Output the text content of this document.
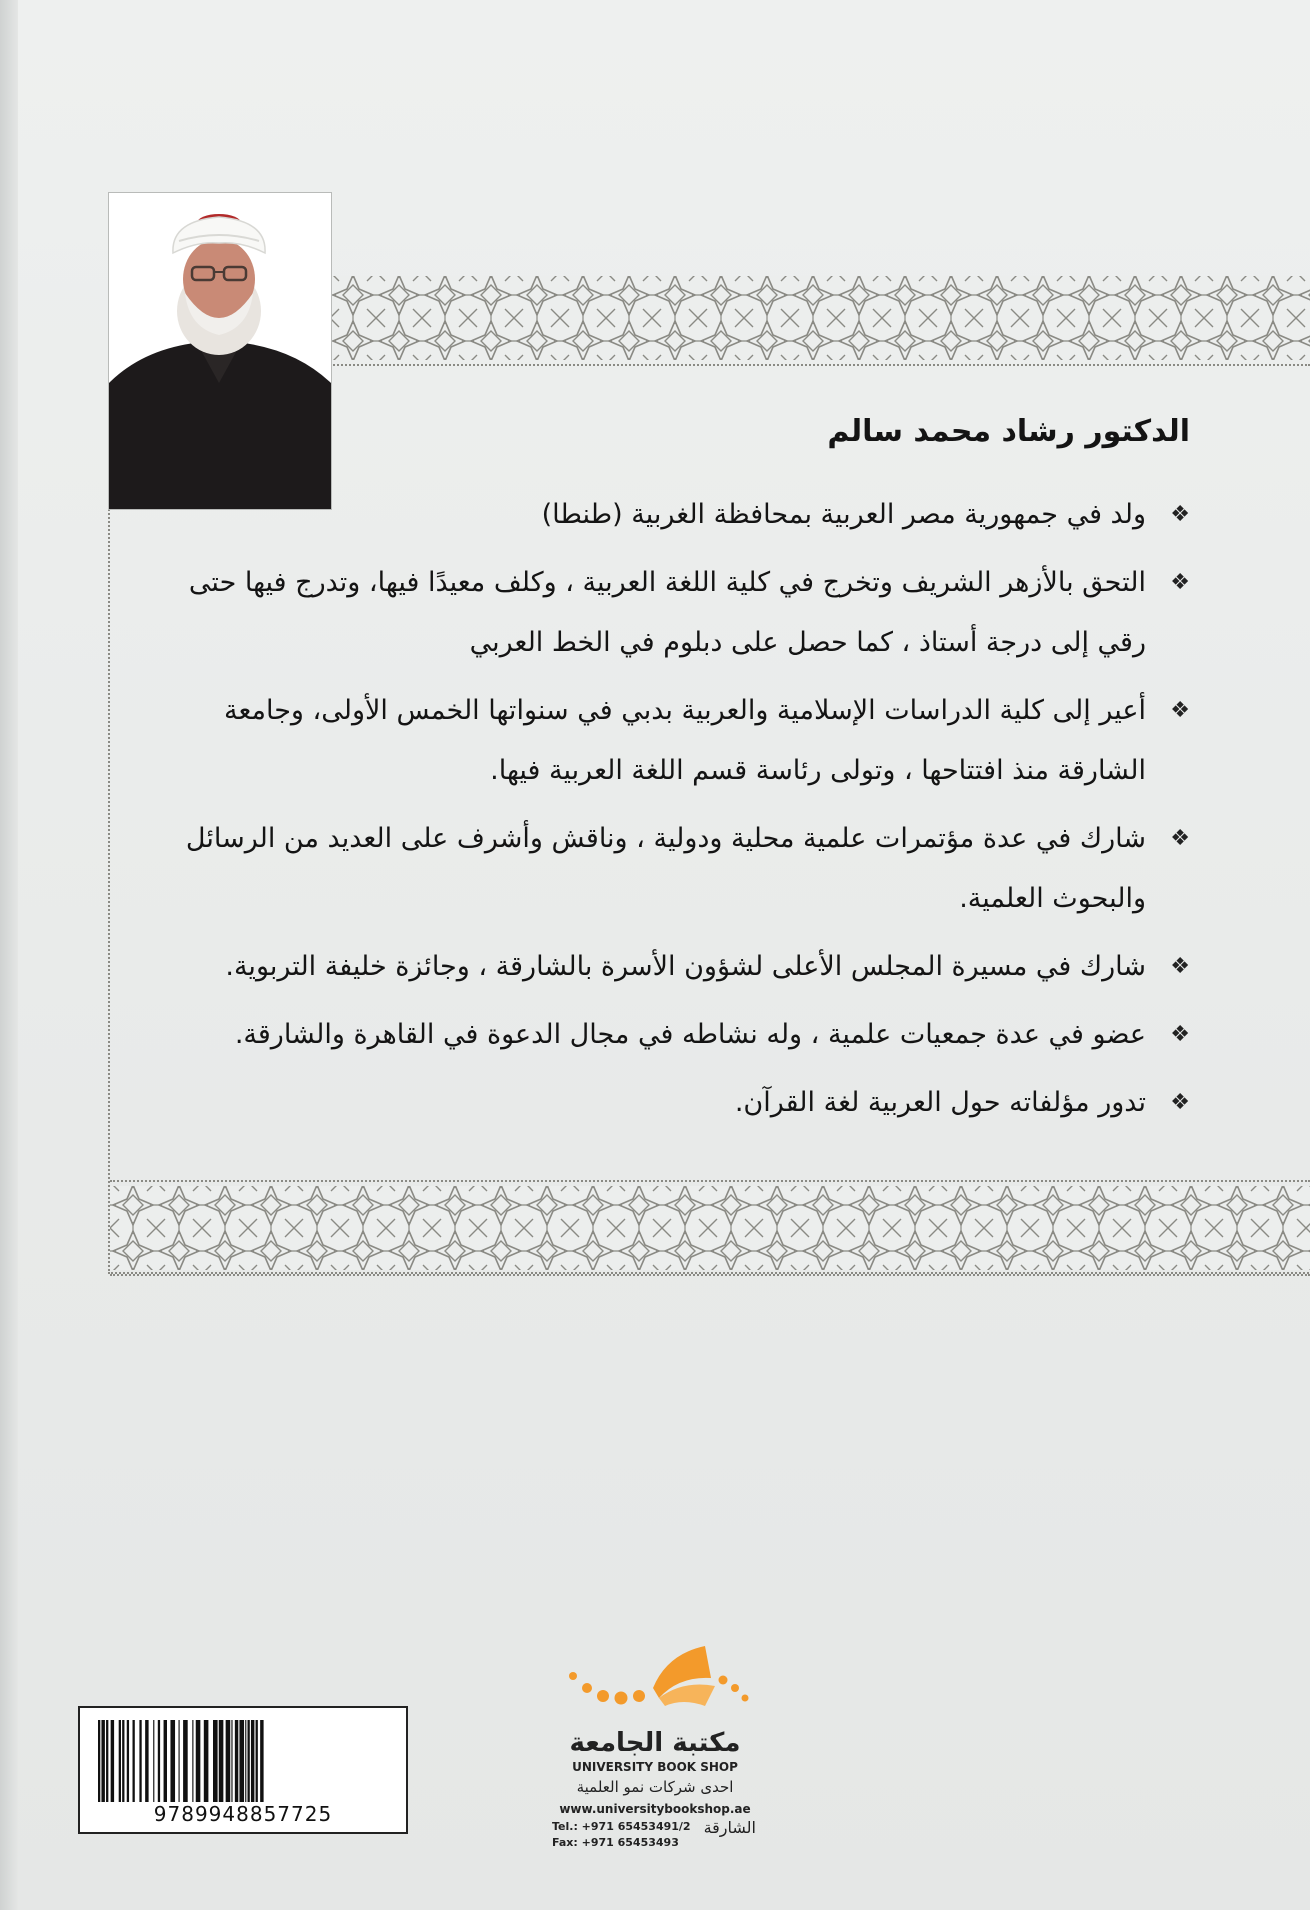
الدكتور رشاد محمد سالم
❖
ولد في جمهورية مصر العربية بمحافظة الغربية (طنطا)
❖
التحق بالأزهر الشريف وتخرج في كلية اللغة العربية ، وكلف معيدًا فيها، وتدرج فيها حتى رقي إلى درجة أستاذ ، كما حصل على دبلوم في الخط العربي
❖
أعير إلى كلية الدراسات الإسلامية والعربية بدبي في سنواتها الخمس الأولى، وجامعة الشارقة منذ افتتاحها ، وتولى رئاسة قسم اللغة العربية فيها.
❖
شارك في عدة مؤتمرات علمية محلية ودولية ، وناقش وأشرف على العديد من الرسائل والبحوث العلمية.
❖
شارك في مسيرة المجلس الأعلى لشؤون الأسرة بالشارقة ، وجائزة خليفة التربوية.
❖
عضو في عدة جمعيات علمية ، وله نشاطه في مجال الدعوة في القاهرة والشارقة.
❖
تدور مؤلفاته حول العربية لغة القرآن.
مكتبة الجامعة
UNIVERSITY BOOK SHOP
احدى شركات نمو العلمية
www.universitybookshop.ae
Tel.: +971 65453491/2
Fax: +971 65453493
الشارقة
9789948857725
